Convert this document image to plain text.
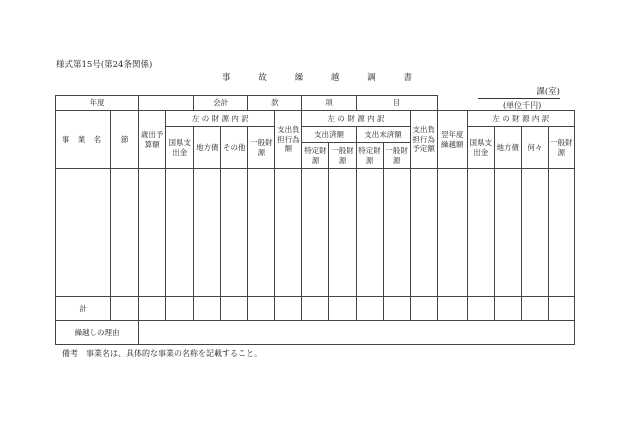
様式第15号(第24条関係)
事	故	繰	越	調	書
課(室)
(単位千円)
年度				会計		款		項		目							
事 業 名	節	歳出予算額	左 の 財 源 内 訳				支出負担行為額	左 の 財 源 内 訳				支出負担行為予定額	翌年度繰越額	左 の 財 源 内 訳			
			国県支出金	地方債	その他	一般財源		支出済額		支出未済額				国県支出金	地方債	何々	一般財源
								特定財源	一般財源	特定財源	一般財源						

計																	
繰越しの理由																	
備考　事業名は、具体的な事業の名称を記載すること。
